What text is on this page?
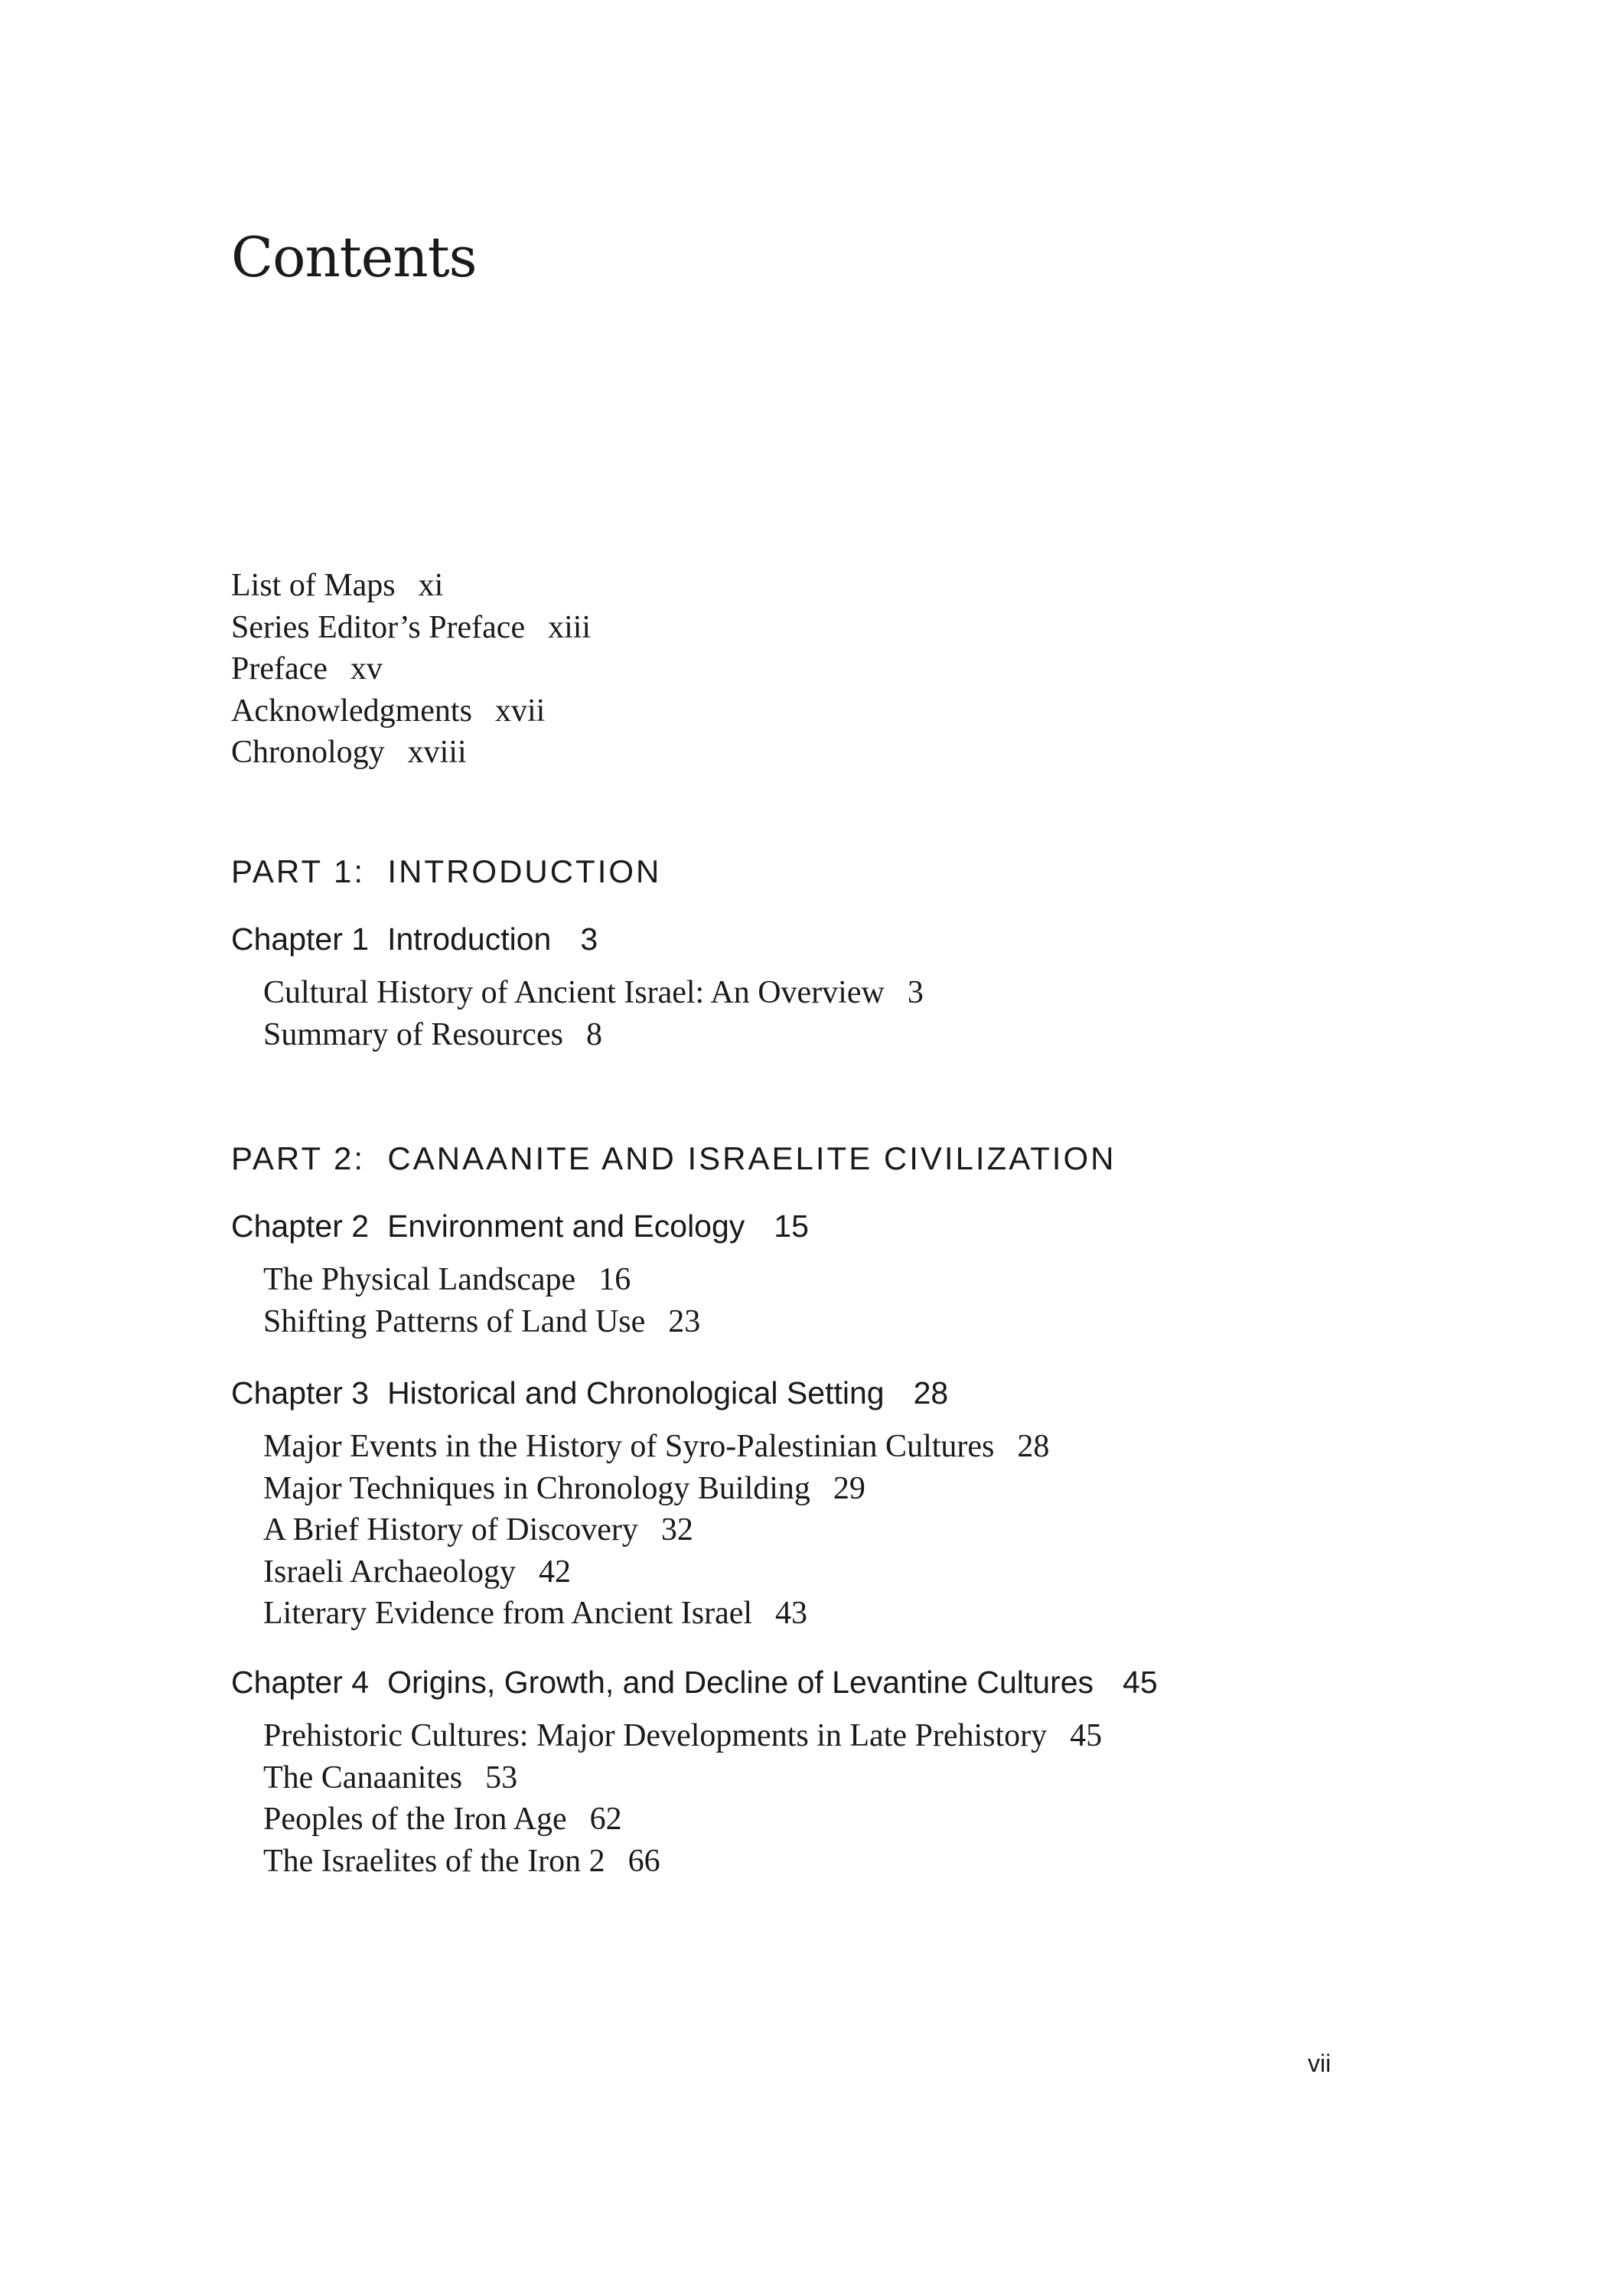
Contents
List of Maps xi
Series Editor’s Preface xiii
Preface xv
Acknowledgments xvii
Chronology xviii
PART 1:  INTRODUCTION
Chapter 1 Introduction 3
Cultural History of Ancient Israel: An Overview 3
Summary of Resources 8
PART 2:  CANAANITE AND ISRAELITE CIVILIZATION
Chapter 2 Environment and Ecology 15
The Physical Landscape 16
Shifting Patterns of Land Use 23
Chapter 3 Historical and Chronological Setting 28
Major Events in the History of Syro-Palestinian Cultures 28
Major Techniques in Chronology Building 29
A Brief History of Discovery 32
Israeli Archaeology 42
Literary Evidence from Ancient Israel 43
Chapter 4 Origins, Growth, and Decline of Levantine Cultures 45
Prehistoric Cultures: Major Developments in Late Prehistory 45
The Canaanites 53
Peoples of the Iron Age 62
The Israelites of the Iron 2 66
vii
